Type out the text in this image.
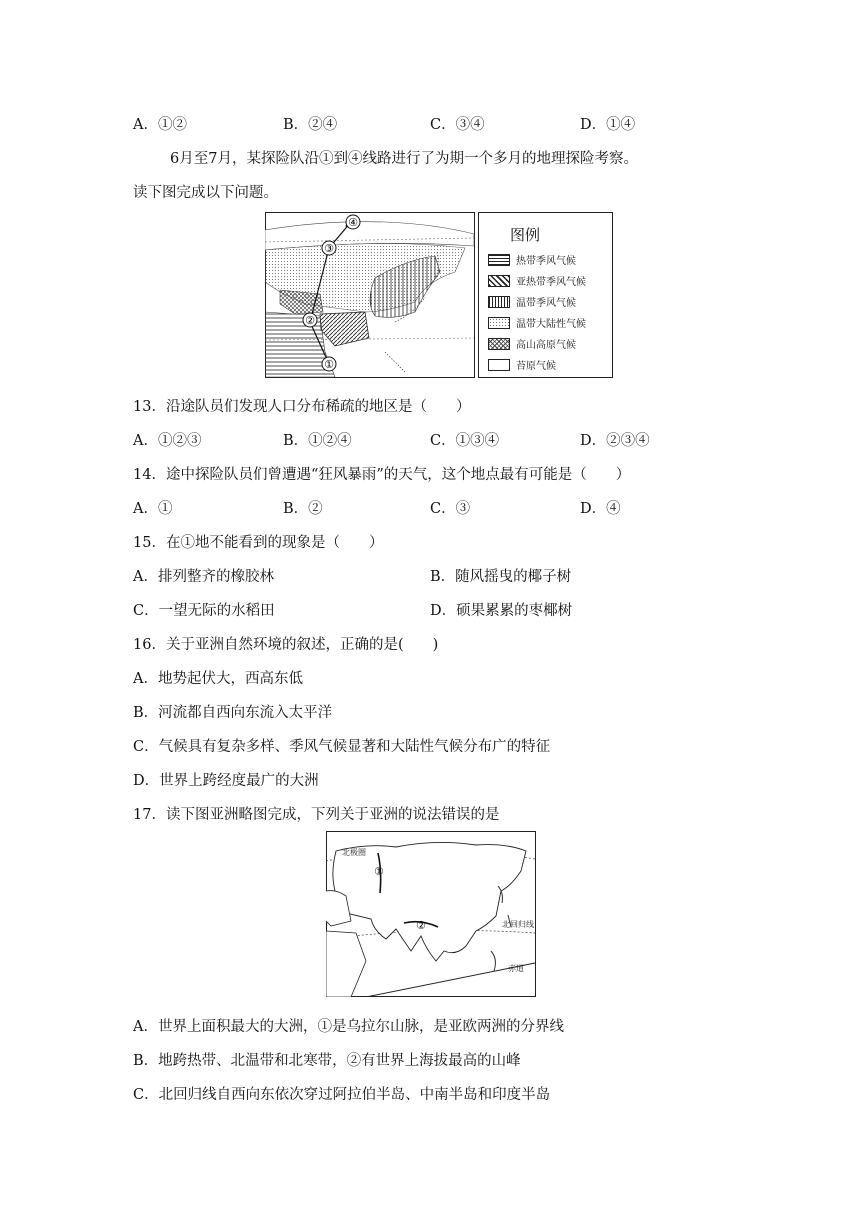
A．①②	B．②④	C．③④	D．①④
6月至7月，某探险队沿①到④线路进行了为期一个多月的地理探险考察。
读下图完成以下问题。
①
②
③
④
图例
热带季风气候
亚热带季风气候
温带季风气候
温带大陆性气候
高山高原气候
苔原气候
13．沿途队员们发现人口分布稀疏的地区是（　　）
A．①②③	B．①②④	C．①③④	D．②③④
14．途中探险队员们曾遭遇“狂风暴雨”的天气，这个地点最有可能是（　　）
A．①	B．②	C．③	D．④
15．在①地不能看到的现象是（　　）
A．排列整齐的橡胶林	B．随风摇曳的椰子树
C．一望无际的水稻田	D．硕果累累的枣椰树
16．关于亚洲自然环境的叙述，正确的是(　　)
A．地势起伏大，西高东低
B．河流都自西向东流入太平洋
C．气候具有复杂多样、季风气候显著和大陆性气候分布广的特征
D．世界上跨经度最广的大洲
17．读下图亚洲略图完成，下列关于亚洲的说法错误的是
北极圈
北回归线
赤道
①
②
A．世界上面积最大的大洲，①是乌拉尔山脉，是亚欧两洲的分界线
B．地跨热带、北温带和北寒带，②有世界上海拔最高的山峰
C．北回归线自西向东依次穿过阿拉伯半岛、中南半岛和印度半岛
